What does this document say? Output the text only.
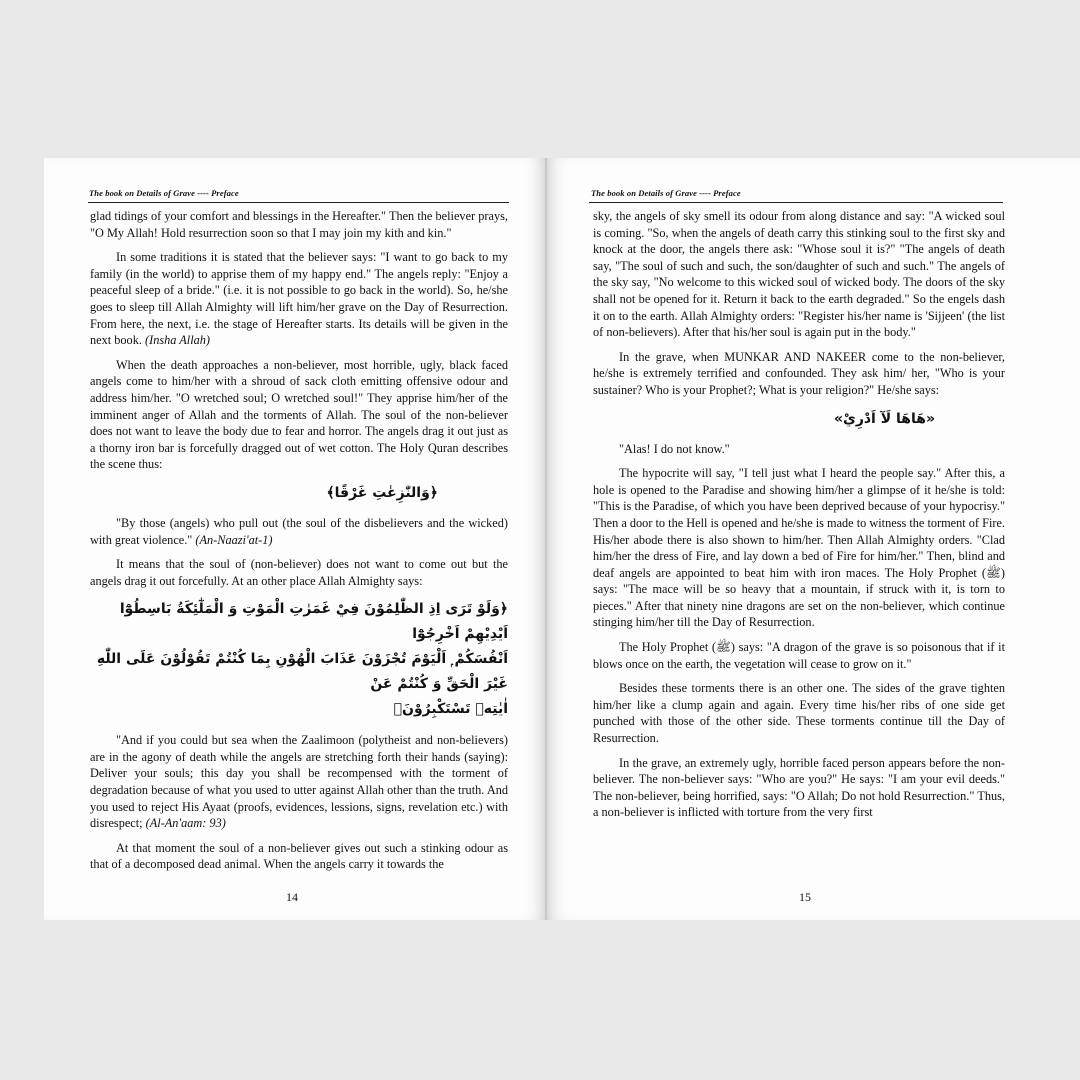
The book on Details of Grave ---- Preface

glad tidings of your comfort and blessings in the Hereafter." Then the believer prays, "O My Allah! Hold resurrection soon so that I may join my kith and kin."

In some traditions it is stated that the believer says: "I want to go back to my family (in the world) to apprise them of my happy end." The angels reply: "Enjoy a peaceful sleep of a bride." (i.e. it is not possible to go back in the world). So, he/she goes to sleep till Allah Almighty will lift him/her grave on the Day of Resurrection. From here, the next, i.e. the stage of Hereafter starts. Its details will be given in the next book. (Insha Allah)

When the death approaches a non-believer, most horrible, ugly, black faced angels come to him/her with a shroud of sack cloth emitting offensive odour and address him/her. "O wretched soul; O wretched soul!" They apprise him/her of the imminent anger of Allah and the torments of Allah. The soul of the non-believer does not want to leave the body due to fear and horror. The angels drag it out just as a thorny iron bar is forcefully dragged out of wet cotton. The Holy Quran describes the scene thus:

﴿وَالنّٰزِعٰتِ غَرْقًا﴾

"By those (angels) who pull out (the soul of the disbelievers and the wicked) with great violence." (An-Naazi'at-1)

It means that the soul of (non-believer) does not want to come out but the angels drag it out forcefully. At an other place Allah Almighty says:

﴿وَلَوْ تَرَى اِذِ الظّٰلِمُوْنَ فِيْ غَمَرٰتِ الْمَوْتِ وَ الْمَلٰٓئِكَةُ بَاسِطُوْٓا اَيْدِيْهِمْ اَخْرِجُوْٓا
اَنْفُسَكُمْ ۭ اَلْيَوْمَ تُجْزَوْنَ عَذَابَ الْهُوْنِ بِمَا كُنْتُمْ تَقُوْلُوْنَ عَلَى اللّٰهِ غَيْرَ الْحَقِّ وَ كُنْتُمْ عَنْ
اٰيٰتِهٖ تَسْتَكْبِرُوْنَ﴾

"And if you could but sea when the Zaalimoon (polytheist and non-believers) are in the agony of death while the angels are stretching forth their hands (saying): Deliver your souls; this day you shall be recompensed with the torment of degradation because of what you used to utter against Allah other than the truth. And you used to reject His Ayaat (proofs, evidences, lessions, signs, revelation etc.) with disrespect; (Al-An'aam: 93)

At that moment the soul of a non-believer gives out such a stinking odour as that of a decomposed dead animal. When the angels carry it towards the

14
The book on Details of Grave ---- Preface

sky, the angels of sky smell its odour from along distance and say: "A wicked soul is coming. "So, when the angels of death carry this stinking soul to the first sky and knock at the door, the angels there ask: "Whose soul it is?" "The angels of death say, "The soul of such and such, the son/daughter of such and such." The angels of the sky say, "No welcome to this wicked soul of wicked body. The doors of the sky shall not be opened for it. Return it back to the earth degraded." So the engels dash it on to the earth. Allah Almighty orders: "Register his/her name is 'Sijjeen' (the list of non-believers). After that his/her soul is again put in the body."

In the grave, when MUNKAR AND NAKEER come to the non-believer, he/she is extremely terrified and confounded. They ask him/ her, "Who is your sustainer? Who is your Prophet?; What is your religion?" He/she says:

«هَاهَا لَآ اَدْرِيْ»

"Alas! I do not know."

The hypocrite will say, "I tell just what I heard the people say." After this, a hole is opened to the Paradise and showing him/her a glimpse of it he/she is told: "This is the Paradise, of which you have been deprived because of your hypocrisy." Then a door to the Hell is opened and he/she is made to witness the torment of Fire. His/her abode there is also shown to him/her. Then Allah Almighty orders. "Clad him/her the dress of Fire, and lay down a bed of Fire for him/her." Then, blind and deaf angels are appointed to beat him with iron maces. The Holy Prophet (ﷺ) says: "The mace will be so heavy that a mountain, if struck with it, is torn to pieces." After that ninety nine dragons are set on the non-believer, which continue stinging him/her till the Day of Resurrection.

The Holy Prophet (ﷺ) says: "A dragon of the grave is so poisonous that if it blows once on the earth, the vegetation will cease to grow on it."

Besides these torments there is an other one. The sides of the grave tighten him/her like a clump again and again. Every time his/her ribs of one side get punched with those of the other side. These torments continue till the Day of Resurrection.

In the grave, an extremely ugly, horrible faced person appears before the non-believer. The non-believer says: "Who are you?" He says: "I am your evil deeds." The non-believer, being horrified, says: "O Allah; Do not hold Resurrection." Thus, a non-believer is inflicted with torture from the very first

15
